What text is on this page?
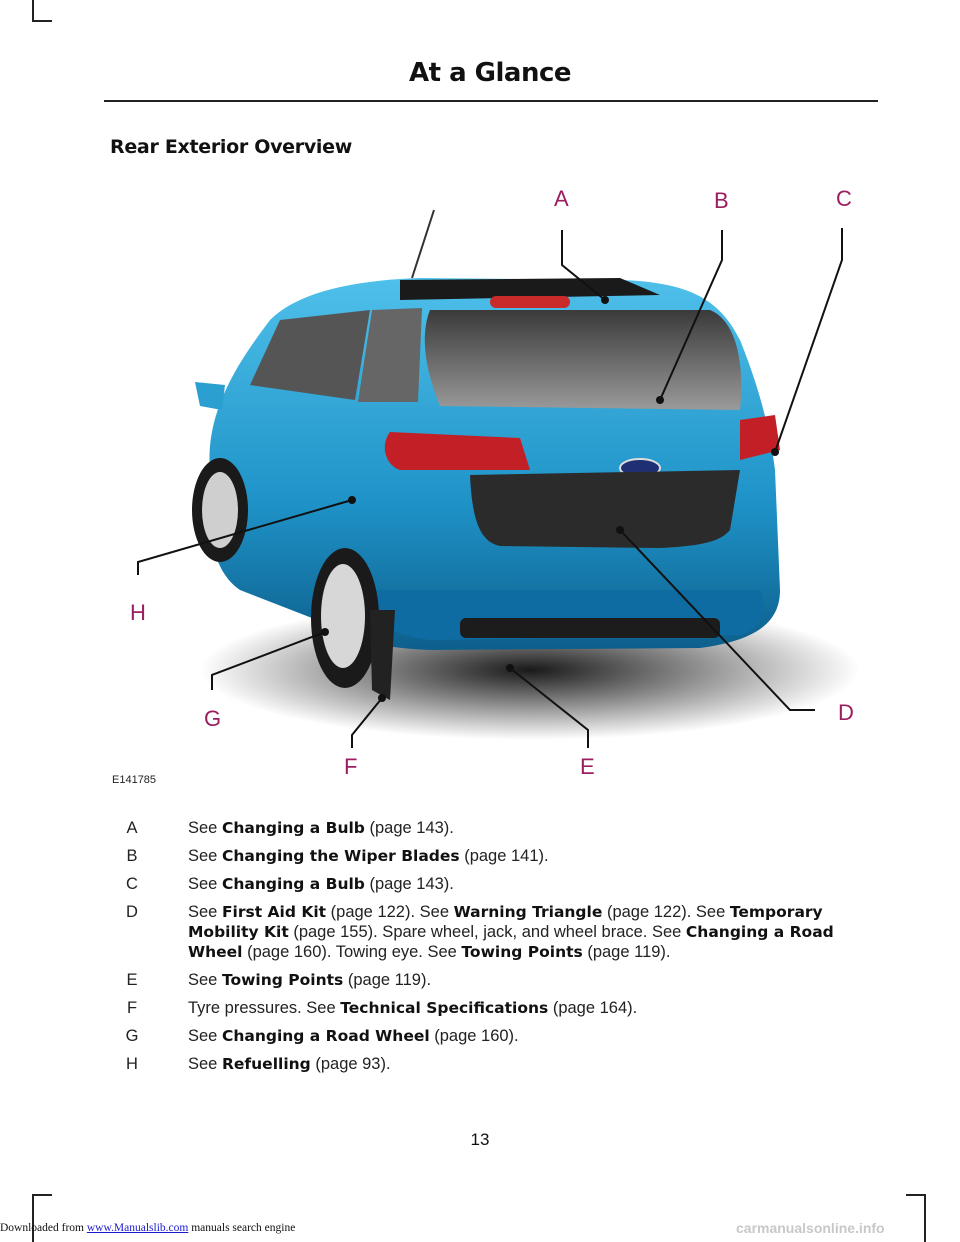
At a Glance
Rear Exterior Overview
A	B	C
D
E
F
G
H
E141785
A	See Changing a Bulb (page 143).
B	See Changing the Wiper Blades (page 141).
C	See Changing a Bulb (page 143).
D	See First Aid Kit (page 122). See Warning Triangle (page 122). See Temporary Mobility Kit (page 155). Spare wheel, jack, and wheel brace. See Changing a Road Wheel (page 160). Towing eye. See Towing Points (page 119).
E	See Towing Points (page 119).
F	Tyre pressures. See Technical Specifications (page 164).
G	See Changing a Road Wheel (page 160).
H	See Refuelling (page 93).
13
Downloaded from www.Manualslib.com manuals search engine	carmanualsonline.info
